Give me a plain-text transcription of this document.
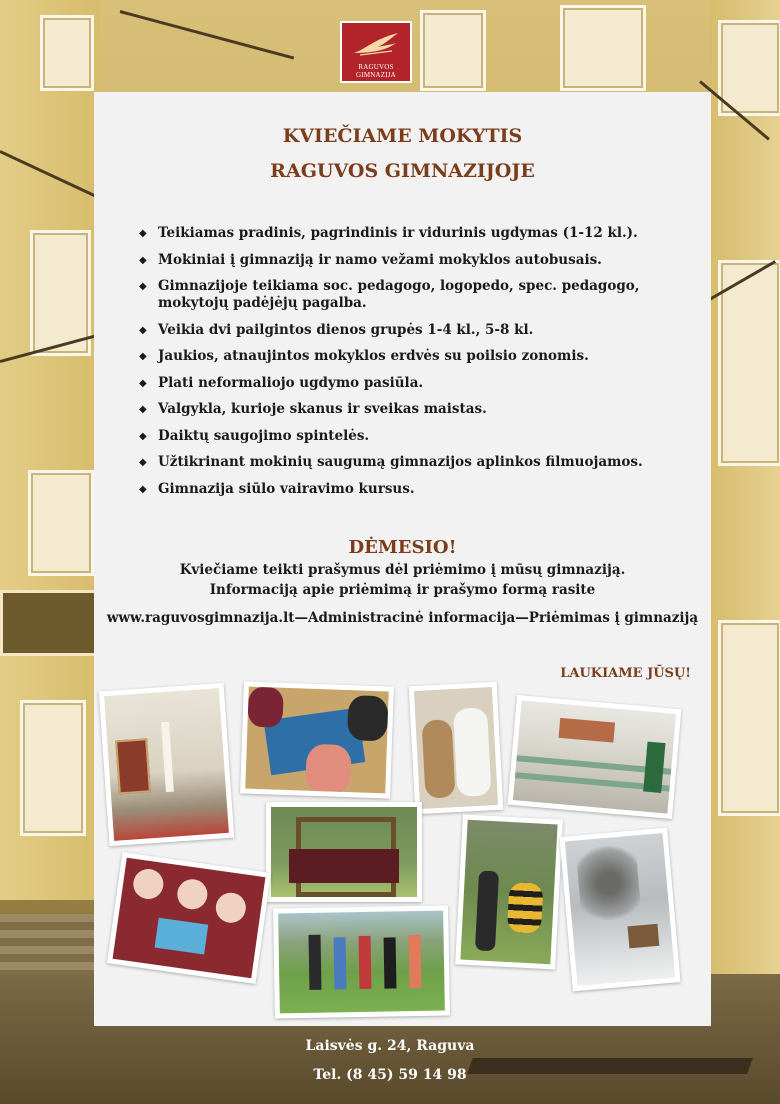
RAGUVOS
GIMNAZIJA
KVIEČIAME MOKYTIS
RAGUVOS GIMNAZIJOJE
◆ Teikiamas pradinis, pagrindinis ir vidurinis ugdymas (1-12 kl.).
◆ Mokiniai į gimnaziją ir namo vežami mokyklos autobusais.
◆ Gimnazijoje teikiama soc. pedagogo, logopedo, spec. pedagogo, mokytojų padėjėjų pagalba.
◆ Veikia dvi pailgintos dienos grupės 1-4 kl., 5-8 kl.
◆ Jaukios, atnaujintos mokyklos erdvės su poilsio zonomis.
◆ Plati neformaliojo ugdymo pasiūla.
◆ Valgykla, kurioje skanus ir sveikas maistas.
◆ Daiktų saugojimo spintelės.
◆ Užtikrinant mokinių saugumą gimnazijos aplinkos filmuojamos.
◆ Gimnazija siūlo vairavimo kursus.
DĖMESIO!
Kviečiame teikti prašymus dėl priėmimo į mūsų gimnaziją.
Informaciją apie priėmimą ir prašymo formą rasite
www.raguvosgimnazija.lt—Administracinė informacija—Priėmimas į gimnaziją
LAUKIAME JŪSŲ!
Laisvės g. 24, Raguva
Tel. (8 45) 59 14 98
